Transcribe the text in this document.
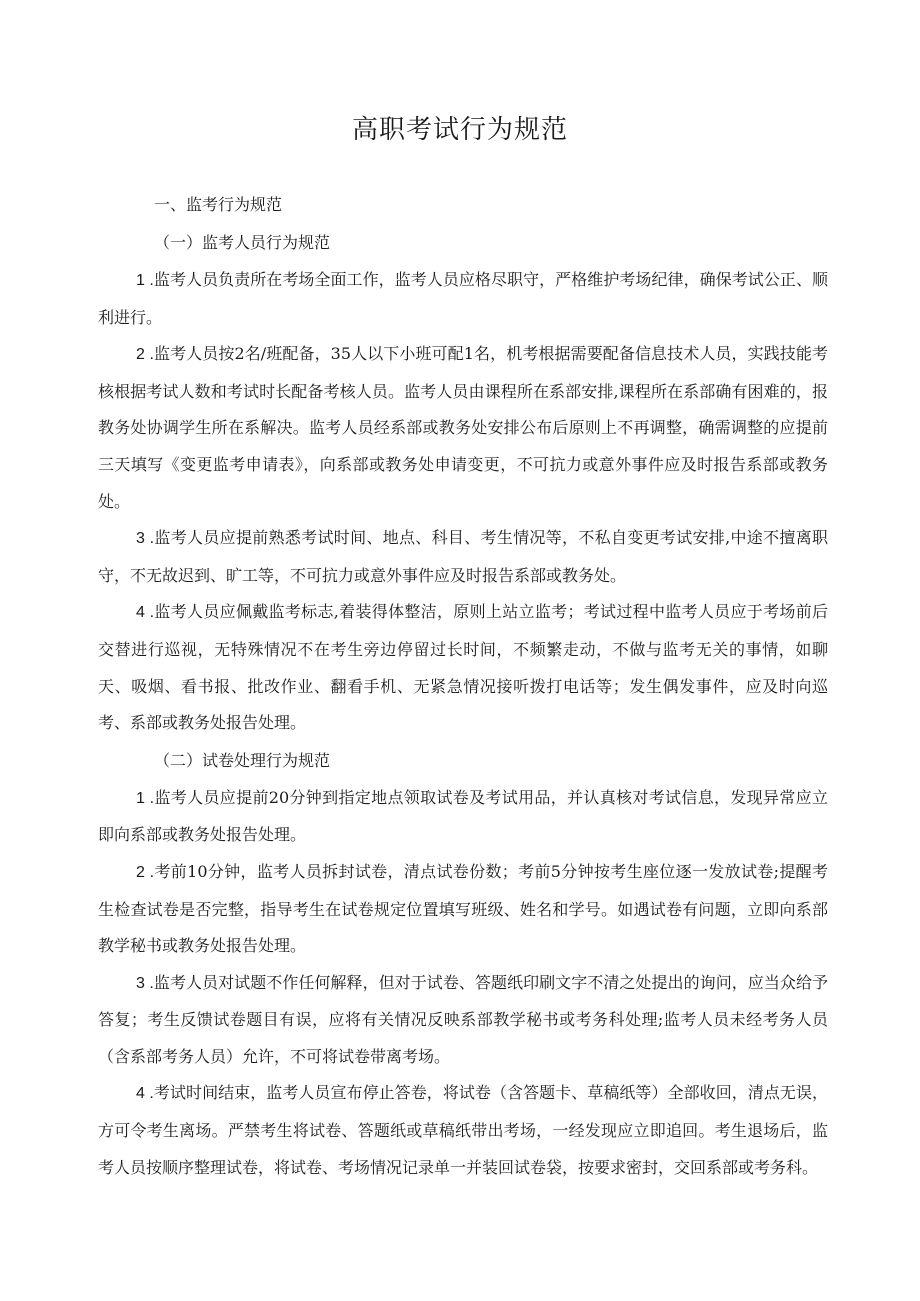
高职考试行为规范

一、监考行为规范

（一）监考人员行为规范

1 .监考人员负责所在考场全面工作，监考人员应格尽职守，严格维护考场纪律，确保考试公正、顺利进行。

2 .监考人员按2名/班配备，35人以下小班可配1名，机考根据需要配备信息技术人员，实践技能考核根据考试人数和考试时长配备考核人员。监考人员由课程所在系部安排,课程所在系部确有困难的，报教务处协调学生所在系解决。监考人员经系部或教务处安排公布后原则上不再调整，确需调整的应提前三天填写《变更监考申请表》，向系部或教务处申请变更，不可抗力或意外事件应及时报告系部或教务处。

3 .监考人员应提前熟悉考试时间、地点、科目、考生情况等，不私自变更考试安排,中途不擅离职守，不无故迟到、旷工等，不可抗力或意外事件应及时报告系部或教务处。

4 .监考人员应佩戴监考标志,着装得体整洁，原则上站立监考；考试过程中监考人员应于考场前后交替进行巡视，无特殊情况不在考生旁边停留过长时间，不频繁走动，不做与监考无关的事情，如聊天、吸烟、看书报、批改作业、翻看手机、无紧急情况接听拨打电话等；发生偶发事件，应及时向巡考、系部或教务处报告处理。

（二）试卷处理行为规范

1 .监考人员应提前20分钟到指定地点领取试卷及考试用品，并认真核对考试信息，发现异常应立即向系部或教务处报告处理。

2 .考前10分钟，监考人员拆封试卷，清点试卷份数；考前5分钟按考生座位逐一发放试卷;提醒考生检查试卷是否完整，指导考生在试卷规定位置填写班级、姓名和学号。如遇试卷有问题，立即向系部教学秘书或教务处报告处理。

3 .监考人员对试题不作任何解释，但对于试卷、答题纸印刷文字不清之处提出的询问，应当众给予答复；考生反馈试卷题目有误，应将有关情况反映系部教学秘书或考务科处理;监考人员未经考务人员（含系部考务人员）允许，不可将试卷带离考场。

4 .考试时间结束，监考人员宣布停止答卷，将试卷（含答题卡、草稿纸等）全部收回，清点无误，方可令考生离场。严禁考生将试卷、答题纸或草稿纸带出考场，一经发现应立即追回。考生退场后，监考人员按顺序整理试卷，将试卷、考场情况记录单一并装回试卷袋，按要求密封，交回系部或考务科。
